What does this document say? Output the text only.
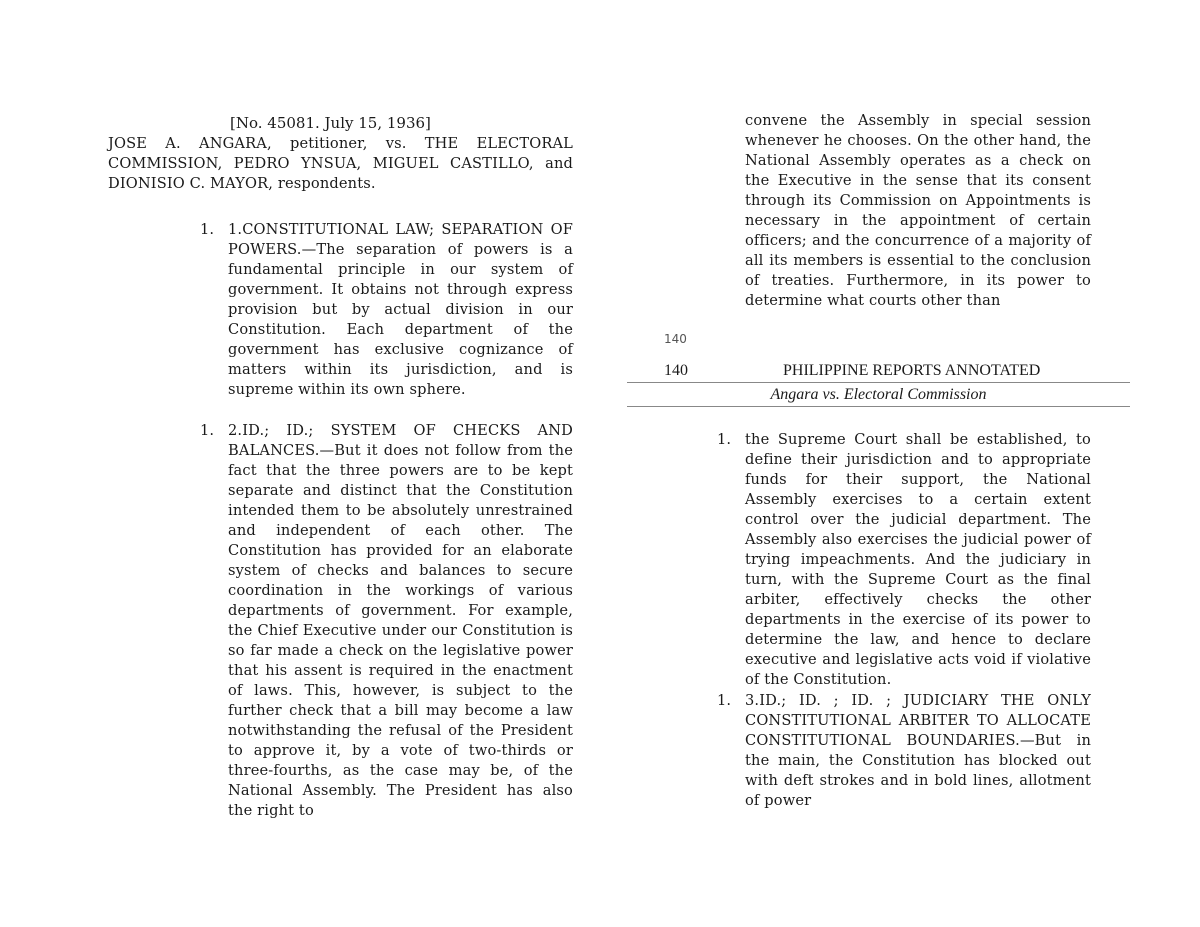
[No. 45081. July 15, 1936]
JOSE A. ANGARA, petitioner, vs. THE ELECTORAL COMMISSION, PEDRO YNSUA, MIGUEL CASTILLO, and DIONISIO C. MAYOR, respondents.
1. 1.CONSTITUTIONAL LAW; SEPARATION OF POWERS.—The separation of powers is a fundamental principle in our system of government. It obtains not through express provision but by actual division in our Constitution. Each department of the government has exclusive cognizance of matters within its jurisdiction, and is supreme within its own sphere.
1. 2.ID.; ID.; SYSTEM OF CHECKS AND BALANCES.—But it does not follow from the fact that the three powers are to be kept separate and distinct that the Constitution intended them to be absolutely unrestrained and independent of each other. The Constitution has provided for an elaborate system of checks and balances to secure coordination in the workings of various departments of government. For example, the Chief Executive under our Constitution is so far made a check on the legislative power that his assent is required in the enactment of laws. This, however, is subject to the further check that a bill may become a law notwithstanding the refusal of the President to approve it, by a vote of two-thirds or three-fourths, as the case may be, of the National Assembly. The President has also the right to
convene the Assembly in special session whenever he chooses. On the other hand, the National Assembly operates as a check on the Executive in the sense that its consent through its Commission on Appointments is necessary in the appointment of certain officers; and the concurrence of a majority of all its members is essential to the conclusion of treaties. Furthermore, in its power to determine what courts other than
140
140	PHILIPPINE REPORTS ANNOTATED
Angara vs. Electoral Commission
1. the Supreme Court shall be established, to define their jurisdiction and to appropriate funds for their support, the National Assembly exercises to a certain extent control over the judicial department. The Assembly also exercises the judicial power of trying impeachments. And the judiciary in turn, with the Supreme Court as the final arbiter, effectively checks the other departments in the exercise of its power to determine the law, and hence to declare executive and legislative acts void if violative of the Constitution.
1. 3.ID.; ID. ; ID. ; JUDICIARY THE ONLY CONSTITUTIONAL ARBITER TO ALLOCATE CONSTITUTIONAL BOUNDARIES.—But in the main, the Constitution has blocked out with deft strokes and in bold lines, allotment of power
